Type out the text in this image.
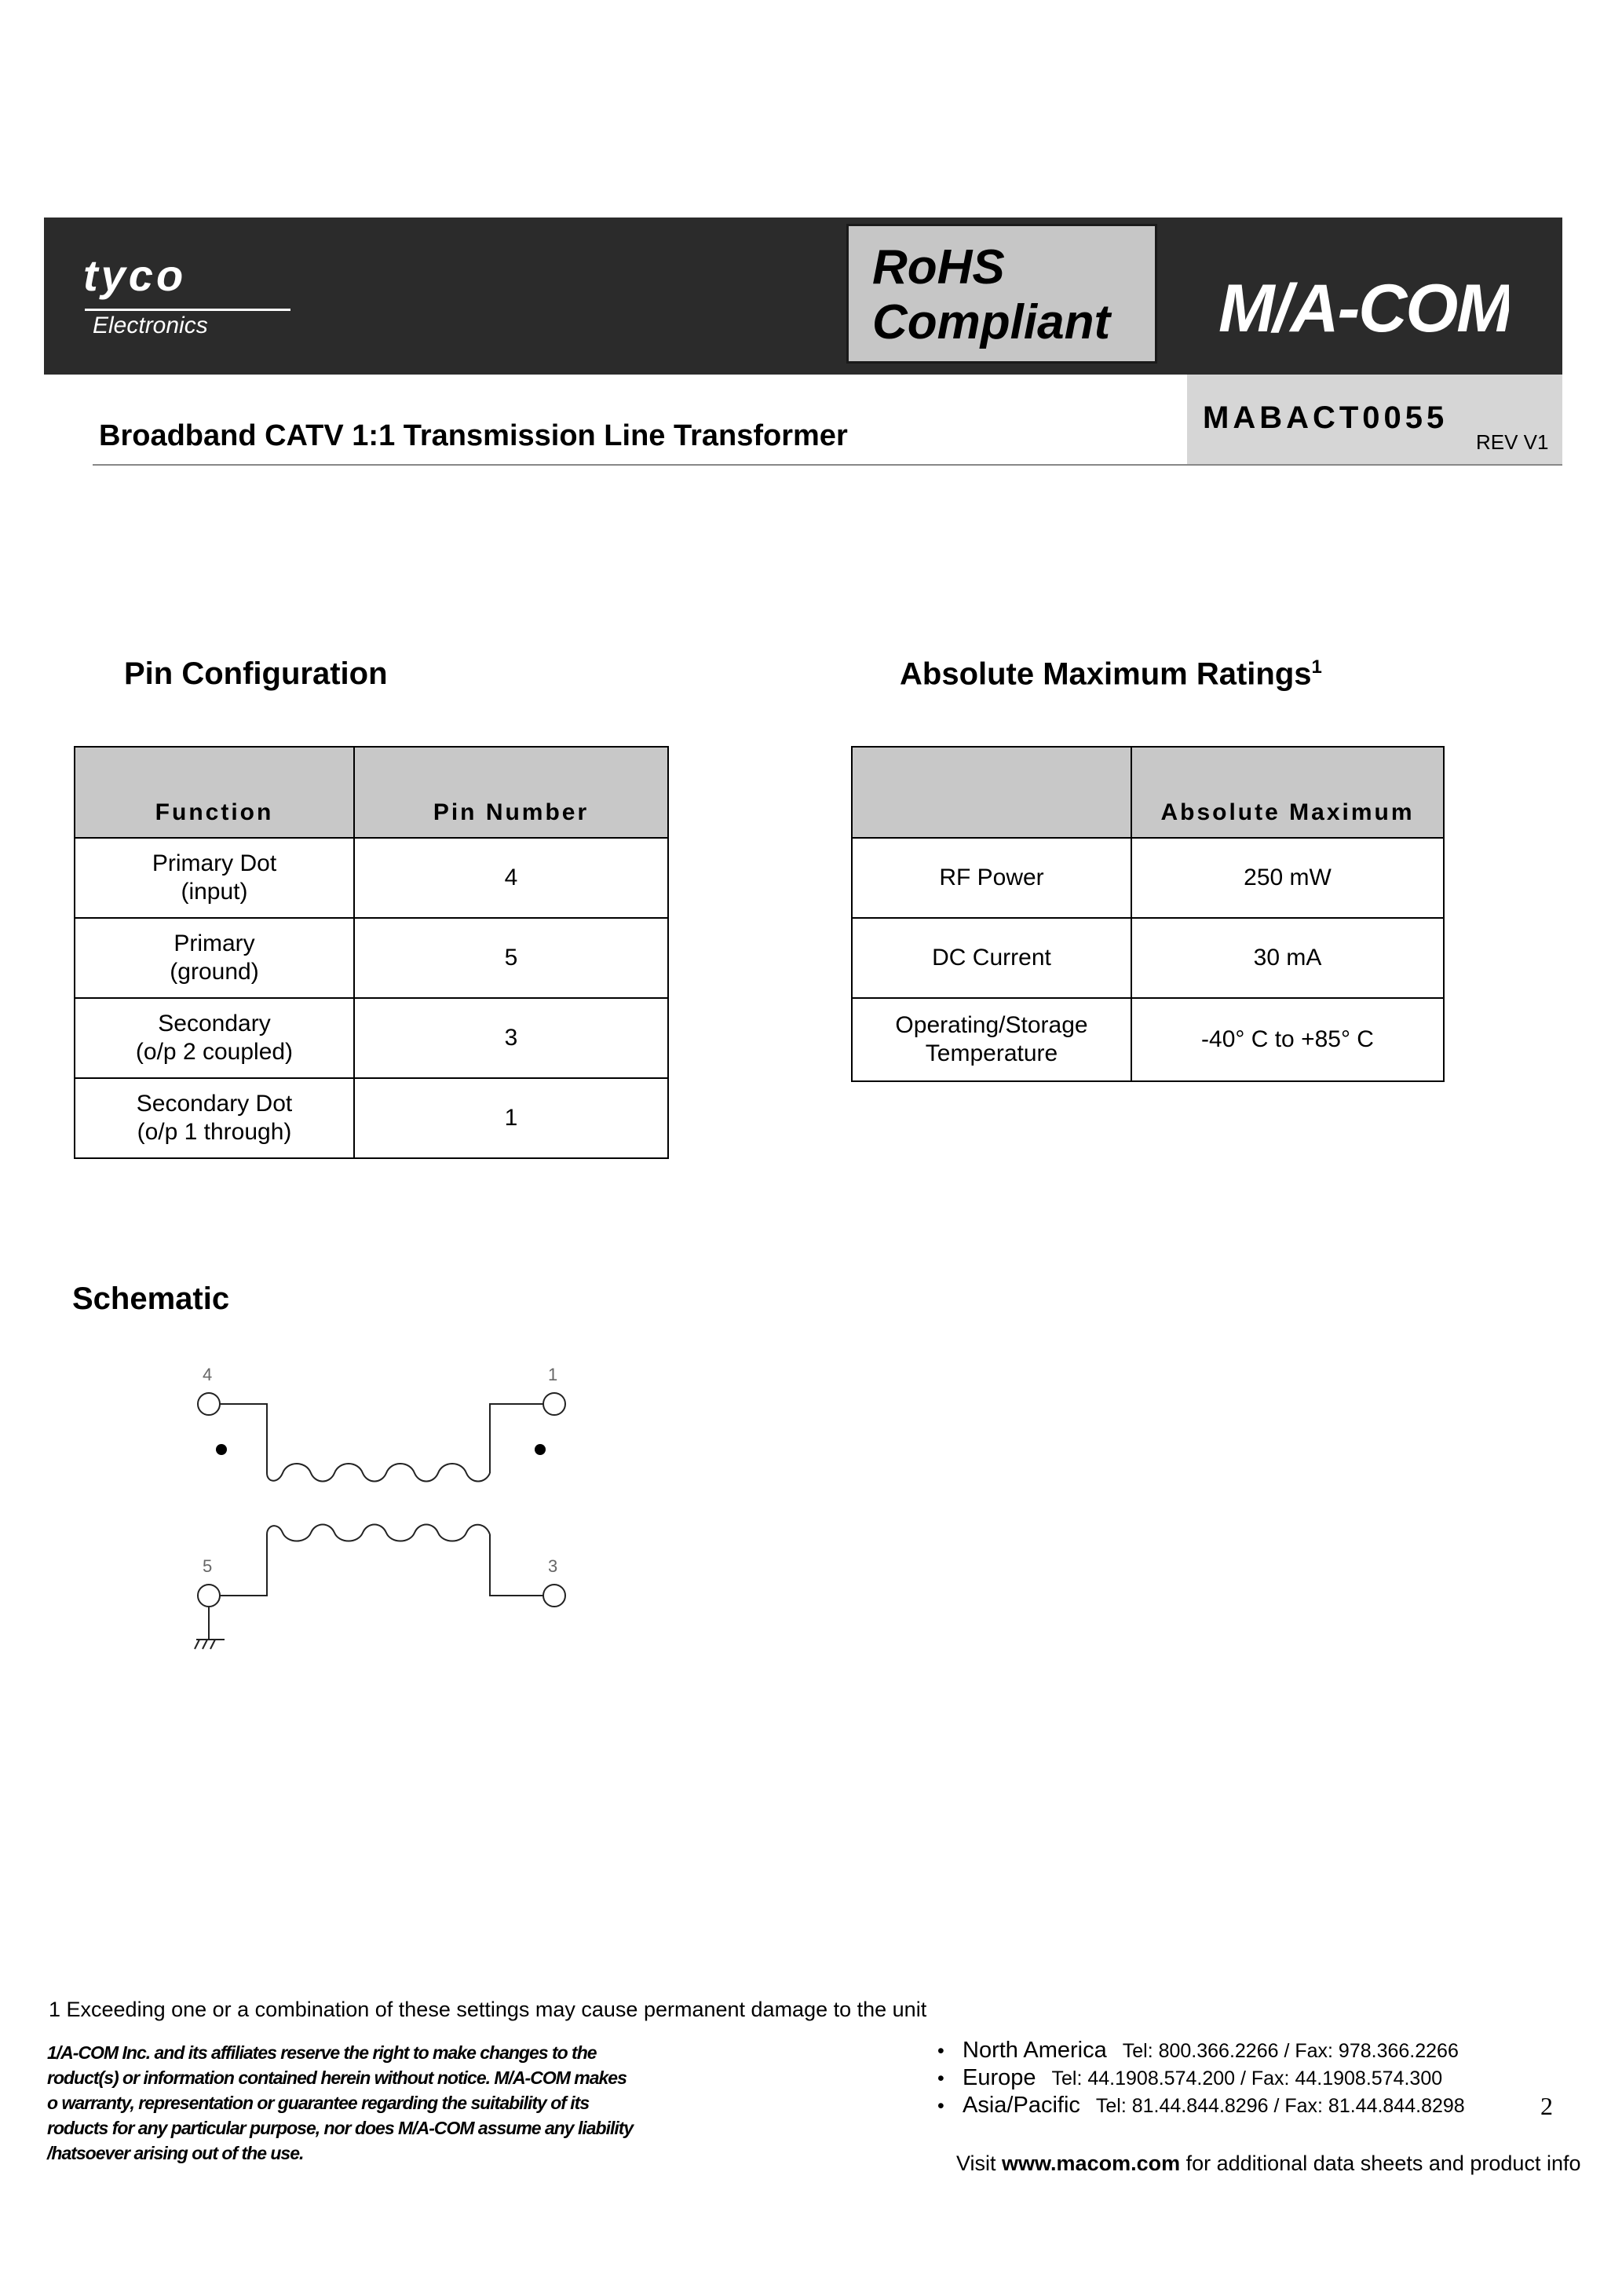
tyco
Electronics
RoHS
Compliant	M/A-COM
MABACT0055
REV V1
Broadband CATV 1:1 Transmission Line Transformer
Pin Configuration
Function	Pin Number

Primary Dot
(input)	4

Primary
(ground)	5

Secondary
(o/p 2 coupled)	3

Secondary Dot
(o/p 1 through)	1
Absolute Maximum Ratings$^1$
	Absolute Maximum
RF Power	250 mW
DC Current	30 mA

Operating/Storage
Temperature	-40° C to +85° C
Schematic
4	1
5	3
1 Exceeding one or a combination of these settings may cause permanent damage to the unit
1/A-COM Inc. and its affiliates reserve the right to make changes to the
roduct(s) or information contained herein without notice. M/A-COM makes
o warranty, representation or guarantee regarding the suitability of its
roducts for any particular purpose, nor does M/A-COM assume any liability
/hatsoever arising out of the use.
• North America Tel: 800.366.2266 / Fax: 978.366.2266
• Europe Tel: 44.1908.574.200 / Fax: 44.1908.574.300
• Asia/Pacific Tel: 81.44.844.8296 / Fax: 81.44.844.8298	2
Visit www.macom.com for additional data sheets and product info
